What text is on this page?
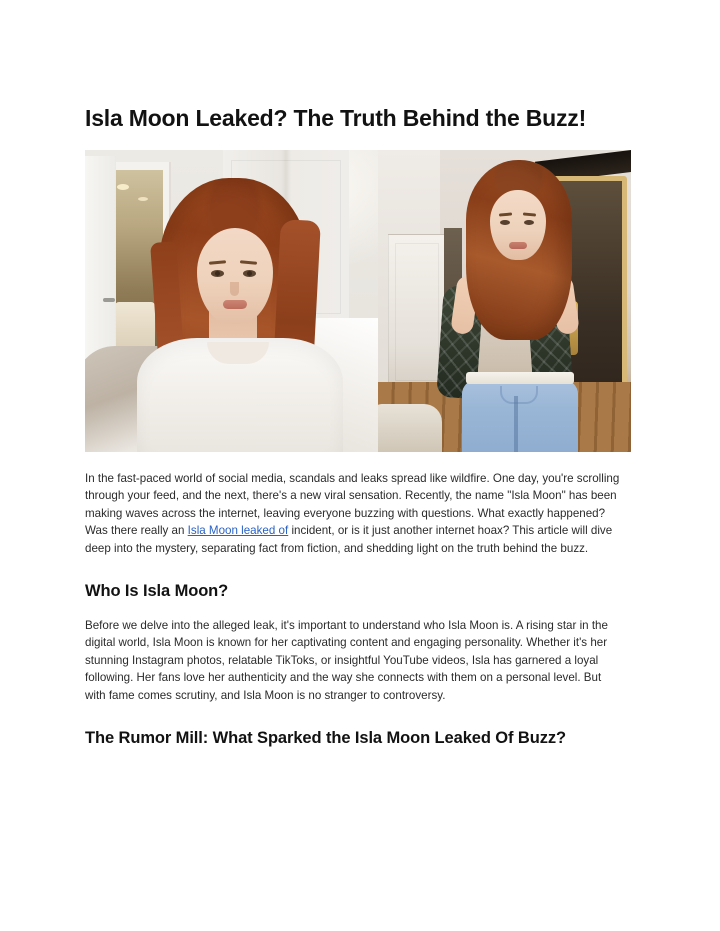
Isla Moon Leaked? The Truth Behind the Buzz!

In the fast-paced world of social media, scandals and leaks spread like wildfire. One day, you're scrolling through your feed, and the next, there's a new viral sensation. Recently, the name "Isla Moon" has been making waves across the internet, leaving everyone buzzing with questions. What exactly happened? Was there really an Isla Moon leaked of incident, or is it just another internet hoax? This article will dive deep into the mystery, separating fact from fiction, and shedding light on the truth behind the buzz.

Who Is Isla Moon?

Before we delve into the alleged leak, it's important to understand who Isla Moon is. A rising star in the digital world, Isla Moon is known for her captivating content and engaging personality. Whether it's her stunning Instagram photos, relatable TikToks, or insightful YouTube videos, Isla has garnered a loyal following. Her fans love her authenticity and the way she connects with them on a personal level. But with fame comes scrutiny, and Isla Moon is no stranger to controversy.

The Rumor Mill: What Sparked the Isla Moon Leaked Of Buzz?
